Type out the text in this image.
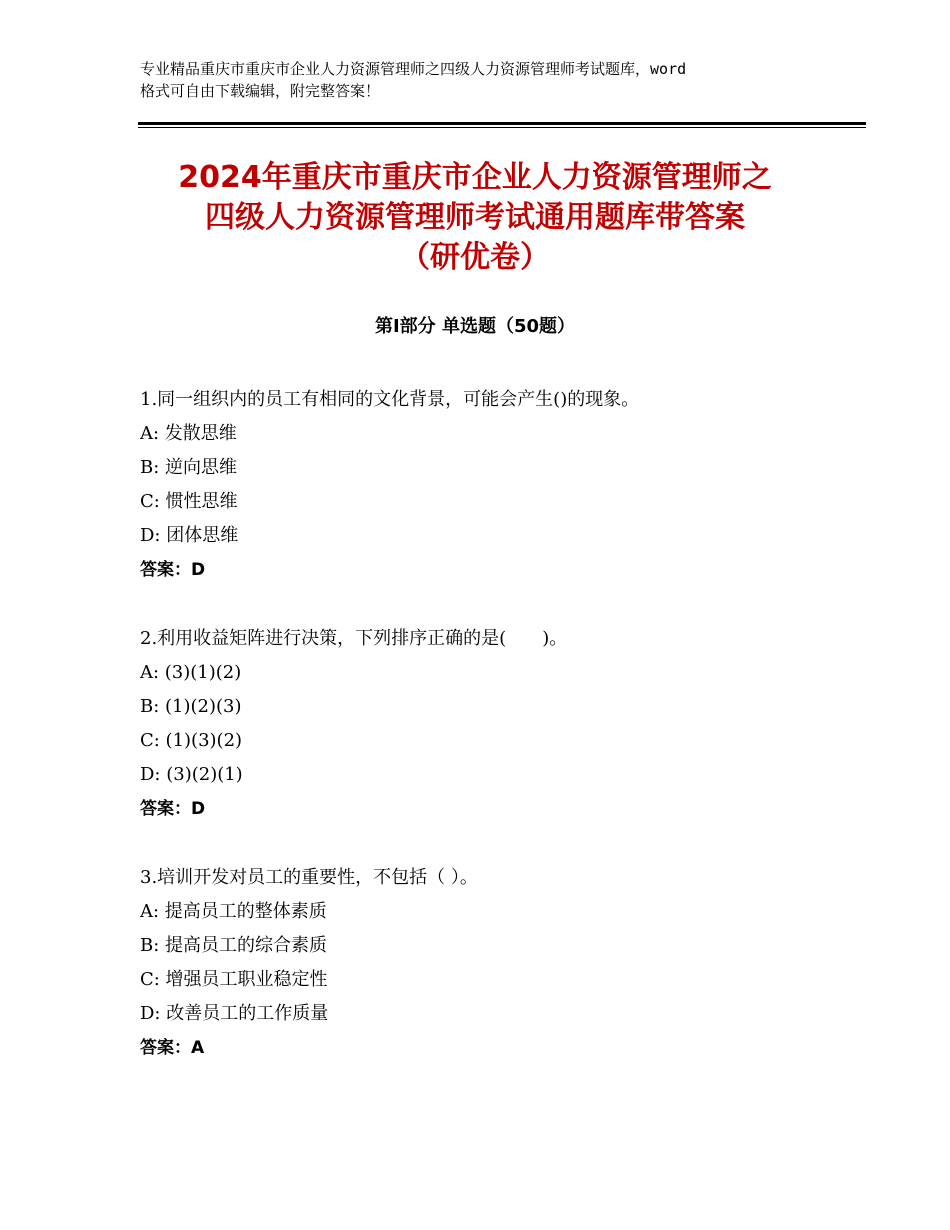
专业精品重庆市重庆市企业人力资源管理师之四级人力资源管理师考试题库，word
格式可自由下载编辑，附完整答案！
2024年重庆市重庆市企业人力资源管理师之
四级人力资源管理师考试通用题库带答案
（研优卷）
第Ⅰ部分 单选题（50题）
1.同一组织内的员工有相同的文化背景，可能会产生()的现象。
A: 发散思维
B: 逆向思维
C: 惯性思维
D: 团体思维
答案：D
2.利用收益矩阵进行决策，下列排序正确的是(　　)。
A: (3)(1)(2)
B: (1)(2)(3)
C: (1)(3)(2)
D: (3)(2)(1)
答案：D
3.培训开发对员工的重要性，不包括（ ）。
A: 提高员工的整体素质
B: 提高员工的综合素质
C: 增强员工职业稳定性
D: 改善员工的工作质量
答案：A
